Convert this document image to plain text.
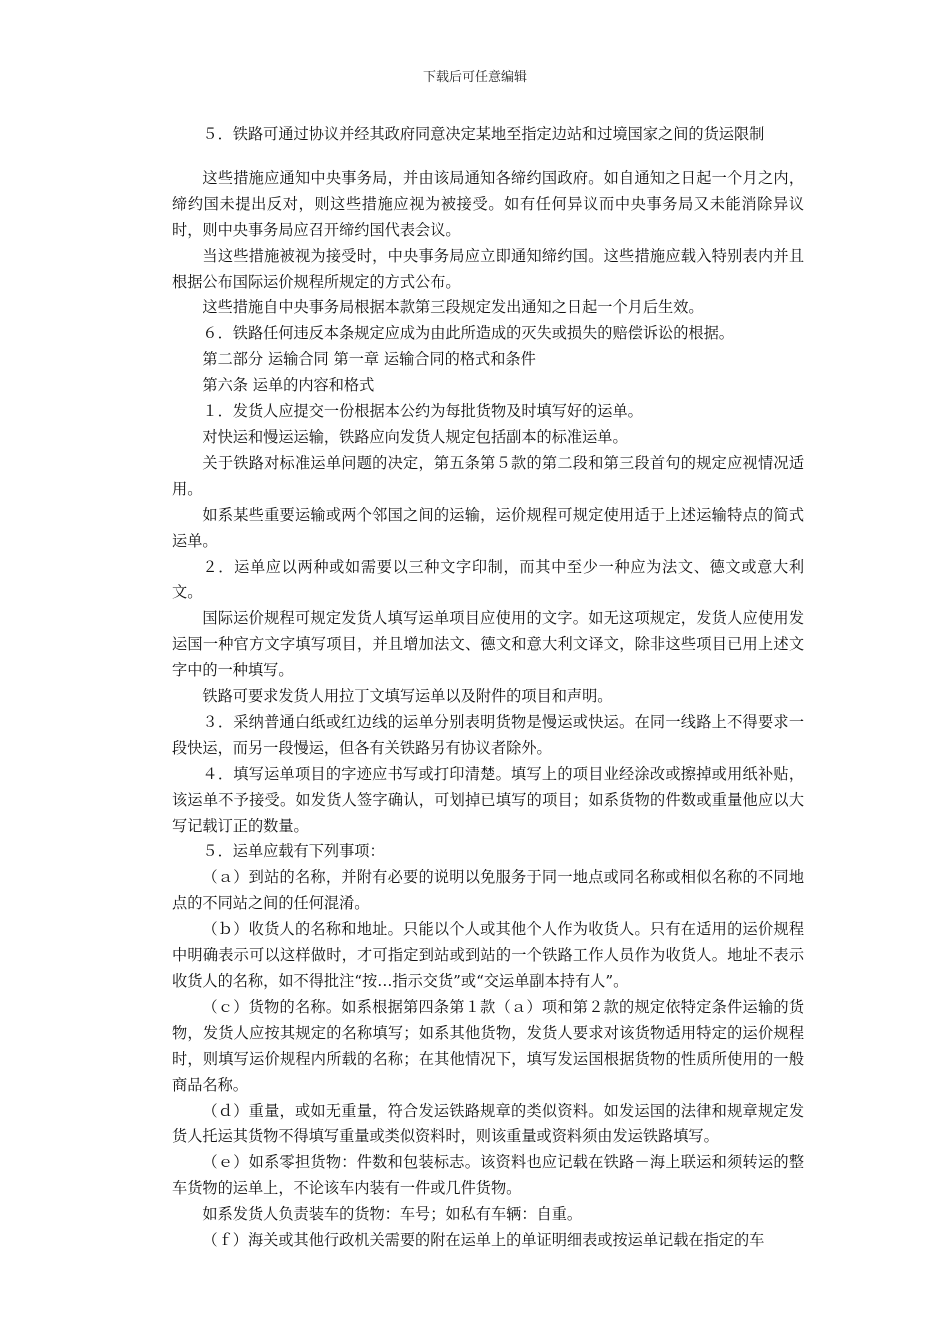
下载后可任意编辑

５．铁路可通过协议并经其政府同意决定某地至指定边站和过境国家之间的货运限制

这些措施应通知中央事务局，并由该局通知各缔约国政府。如自通知之日起一个月之内，缔约国未提出反对，则这些措施应视为被接受。如有任何异议而中央事务局又未能消除异议时，则中央事务局应召开缔约国代表会议。

当这些措施被视为接受时，中央事务局应立即通知缔约国。这些措施应载入特别表内并且根据公布国际运价规程所规定的方式公布。

这些措施自中央事务局根据本款第三段规定发出通知之日起一个月后生效。

６．铁路任何违反本条规定应成为由此所造成的灭失或损失的赔偿诉讼的根据。

第二部分 运输合同 第一章 运输合同的格式和条件

第六条 运单的内容和格式

１．发货人应提交一份根据本公约为每批货物及时填写好的运单。

对快运和慢运运输，铁路应向发货人规定包括副本的标准运单。

关于铁路对标准运单问题的决定，第五条第５款的第二段和第三段首句的规定应视情况适用。

如系某些重要运输或两个邻国之间的运输，运价规程可规定使用适于上述运输特点的简式运单。

２．运单应以两种或如需要以三种文字印制，而其中至少一种应为法文、德文或意大利文。

国际运价规程可规定发货人填写运单项目应使用的文字。如无这项规定，发货人应使用发运国一种官方文字填写项目，并且增加法文、德文和意大利文译文，除非这些项目已用上述文字中的一种填写。

铁路可要求发货人用拉丁文填写运单以及附件的项目和声明。

３．采纳普通白纸或红边线的运单分别表明货物是慢运或快运。在同一线路上不得要求一段快运，而另一段慢运，但各有关铁路另有协议者除外。

４．填写运单项目的字迹应书写或打印清楚。填写上的项目业经涂改或擦掉或用纸补贴，该运单不予接受。如发货人签字确认，可划掉已填写的项目；如系货物的件数或重量他应以大写记载订正的数量。

５．运单应载有下列事项：

（ａ）到站的名称，并附有必要的说明以免服务于同一地点或同名称或相似名称的不同地点的不同站之间的任何混淆。

（ｂ）收货人的名称和地址。只能以个人或其他个人作为收货人。只有在适用的运价规程中明确表示可以这样做时，才可指定到站或到站的一个铁路工作人员作为收货人。地址不表示收货人的名称，如不得批注“按…指示交货”或“交运单副本持有人”。

（ｃ）货物的名称。如系根据第四条第１款（ａ）项和第２款的规定依特定条件运输的货物，发货人应按其规定的名称填写；如系其他货物，发货人要求对该货物适用特定的运价规程时，则填写运价规程内所载的名称；在其他情况下，填写发运国根据货物的性质所使用的一般商品名称。

（ｄ）重量，或如无重量，符合发运铁路规章的类似资料。如发运国的法律和规章规定发货人托运其货物不得填写重量或类似资料时，则该重量或资料须由发运铁路填写。

（ｅ）如系零担货物：件数和包装标志。该资料也应记载在铁路－海上联运和须转运的整车货物的运单上，不论该车内装有一件或几件货物。

如系发货人负责装车的货物：车号；如私有车辆：自重。

（ｆ）海关或其他行政机关需要的附在运单上的单证明细表或按运单记载在指定的车
